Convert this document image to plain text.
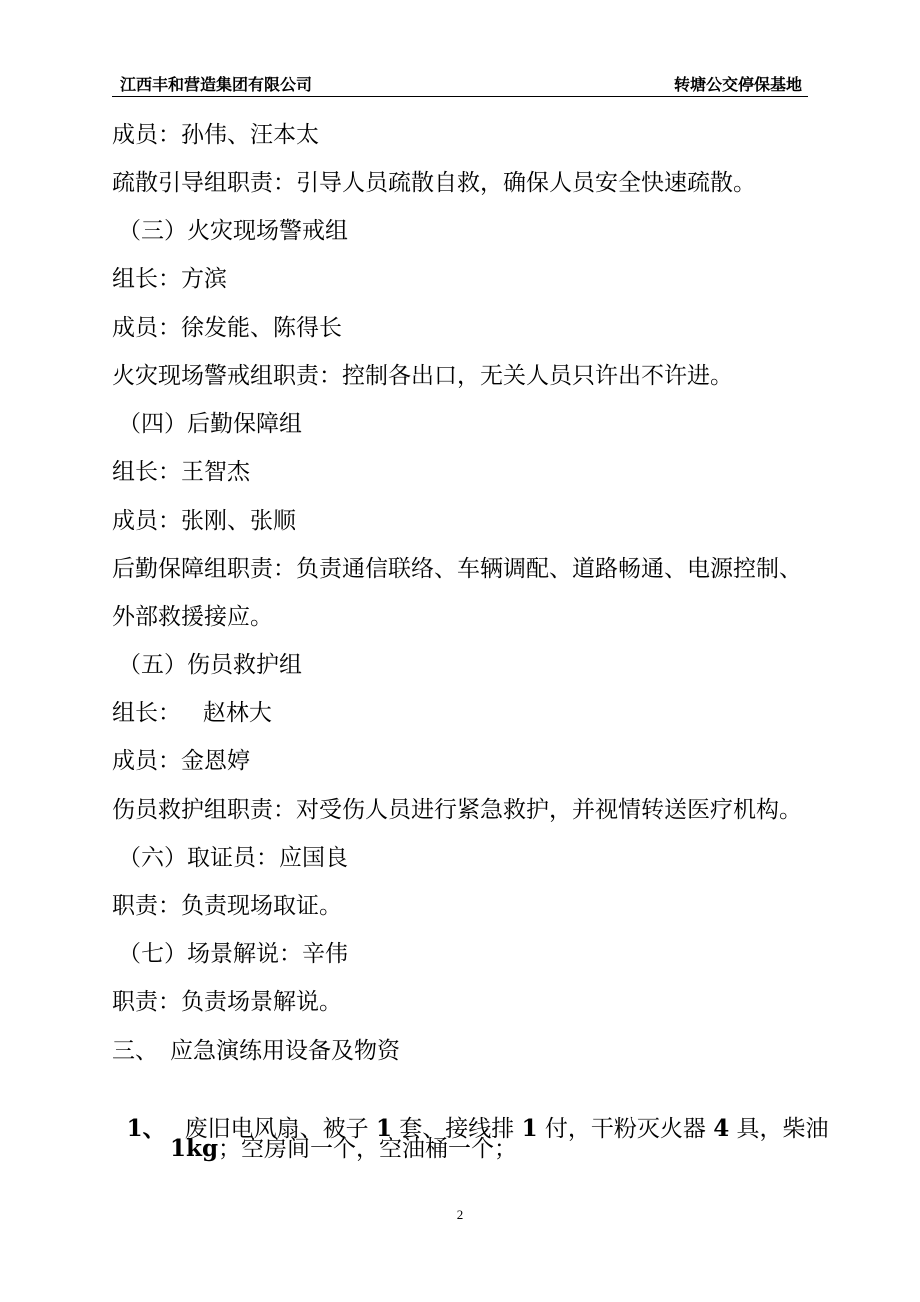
江西丰和营造集团有限公司	转塘公交停保基地
成员：孙伟、汪本太
疏散引导组职责：引导人员疏散自救，确保人员安全快速疏散。
（三）火灾现场警戒组
组长：方滨
成员：徐发能、陈得长
火灾现场警戒组职责：控制各出口，无关人员只许出不许进。
（四）后勤保障组
组长：王智杰
成员：张刚、张顺
后勤保障组职责：负责通信联络、车辆调配、道路畅通、电源控制、
外部救援接应。
（五）伤员救护组
组长：   赵林大
成员：金恩婷
伤员救护组职责：对受伤人员进行紧急救护，并视情转送医疗机构。
（六）取证员：应国良
职责：负责现场取证。
（七）场景解说：辛伟
职责：负责场景解说。
三、 应急演练用设备及物资

1、 废旧电风扇、被子 1 套、接线排 1 付，干粉灭火器 4 具，柴油

1kg；空房间一个，空油桶一个；
2
